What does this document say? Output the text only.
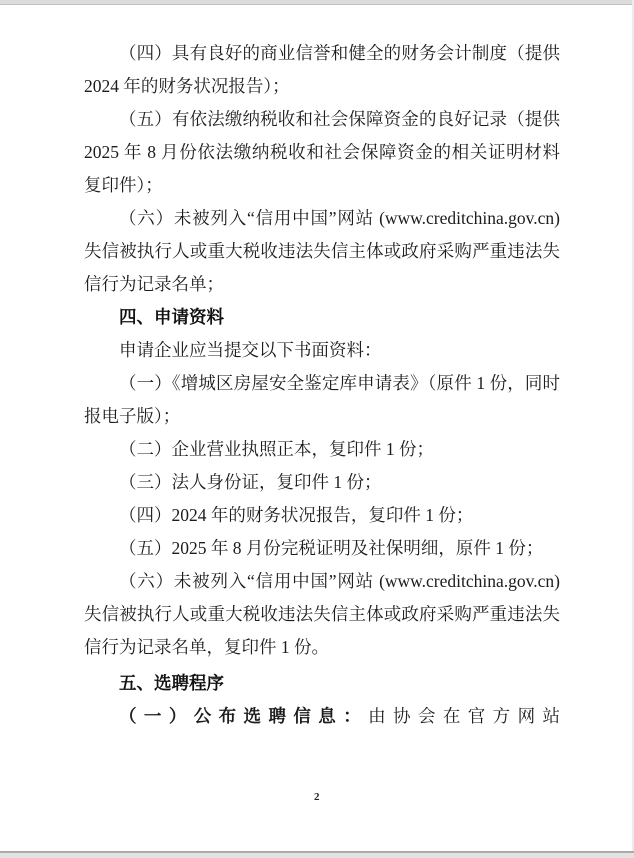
（四）具有良好的商业信誉和健全的财务会计制度（提供 2024 年的财务状况报告）；

（五）有依法缴纳税收和社会保障资金的良好记录（提供 2025 年 8 月份依法缴纳税收和社会保障资金的相关证明材料复印件）；

（六）未被列入“信用中国”网站 (www.creditchina.gov.cn) 失信被执行人或重大税收违法失信主体或政府采购严重违法失信行为记录名单；

四、申请资料

申请企业应当提交以下书面资料：

（一）《增城区房屋安全鉴定库申请表》（原件 1 份，同时报电子版）；

（二）企业营业执照正本，复印件 1 份；

（三）法人身份证，复印件 1 份；

（四）2024 年的财务状况报告，复印件 1 份；

（五）2025 年 8 月份完税证明及社保明细，原件 1 份；

（六）未被列入“信用中国”网站 (www.creditchina.gov.cn) 失信被执行人或重大税收违法失信主体或政府采购严重违法失信行为记录名单，复印件 1 份。

五、选聘程序

（一）公布选聘信息：由协会在官方网站

2
